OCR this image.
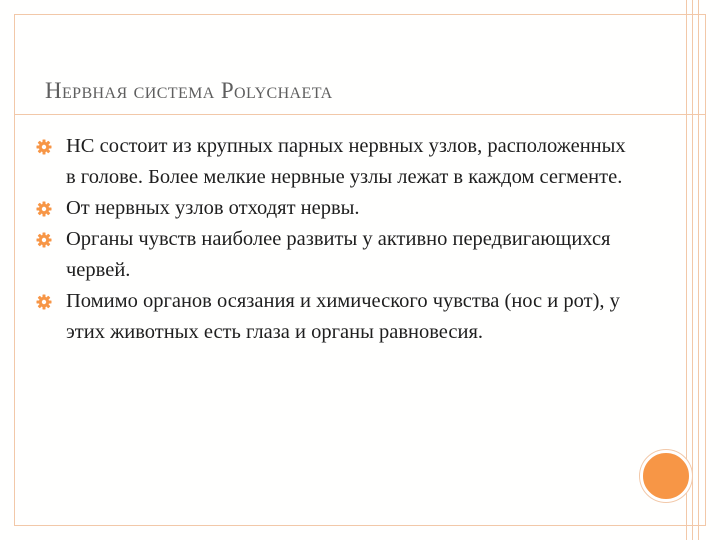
Нервная система Polychaeta
НС состоит из крупных парных нервных узлов, расположенных в голове. Более мелкие нервные узлы лежат в каждом сегменте.
От нервных узлов отходят нервы.
Органы чувств наиболее развиты у активно передвигающихся червей.
Помимо органов осязания и химического чувства (нос и рот), у этих животных есть глаза и органы равновесия.
